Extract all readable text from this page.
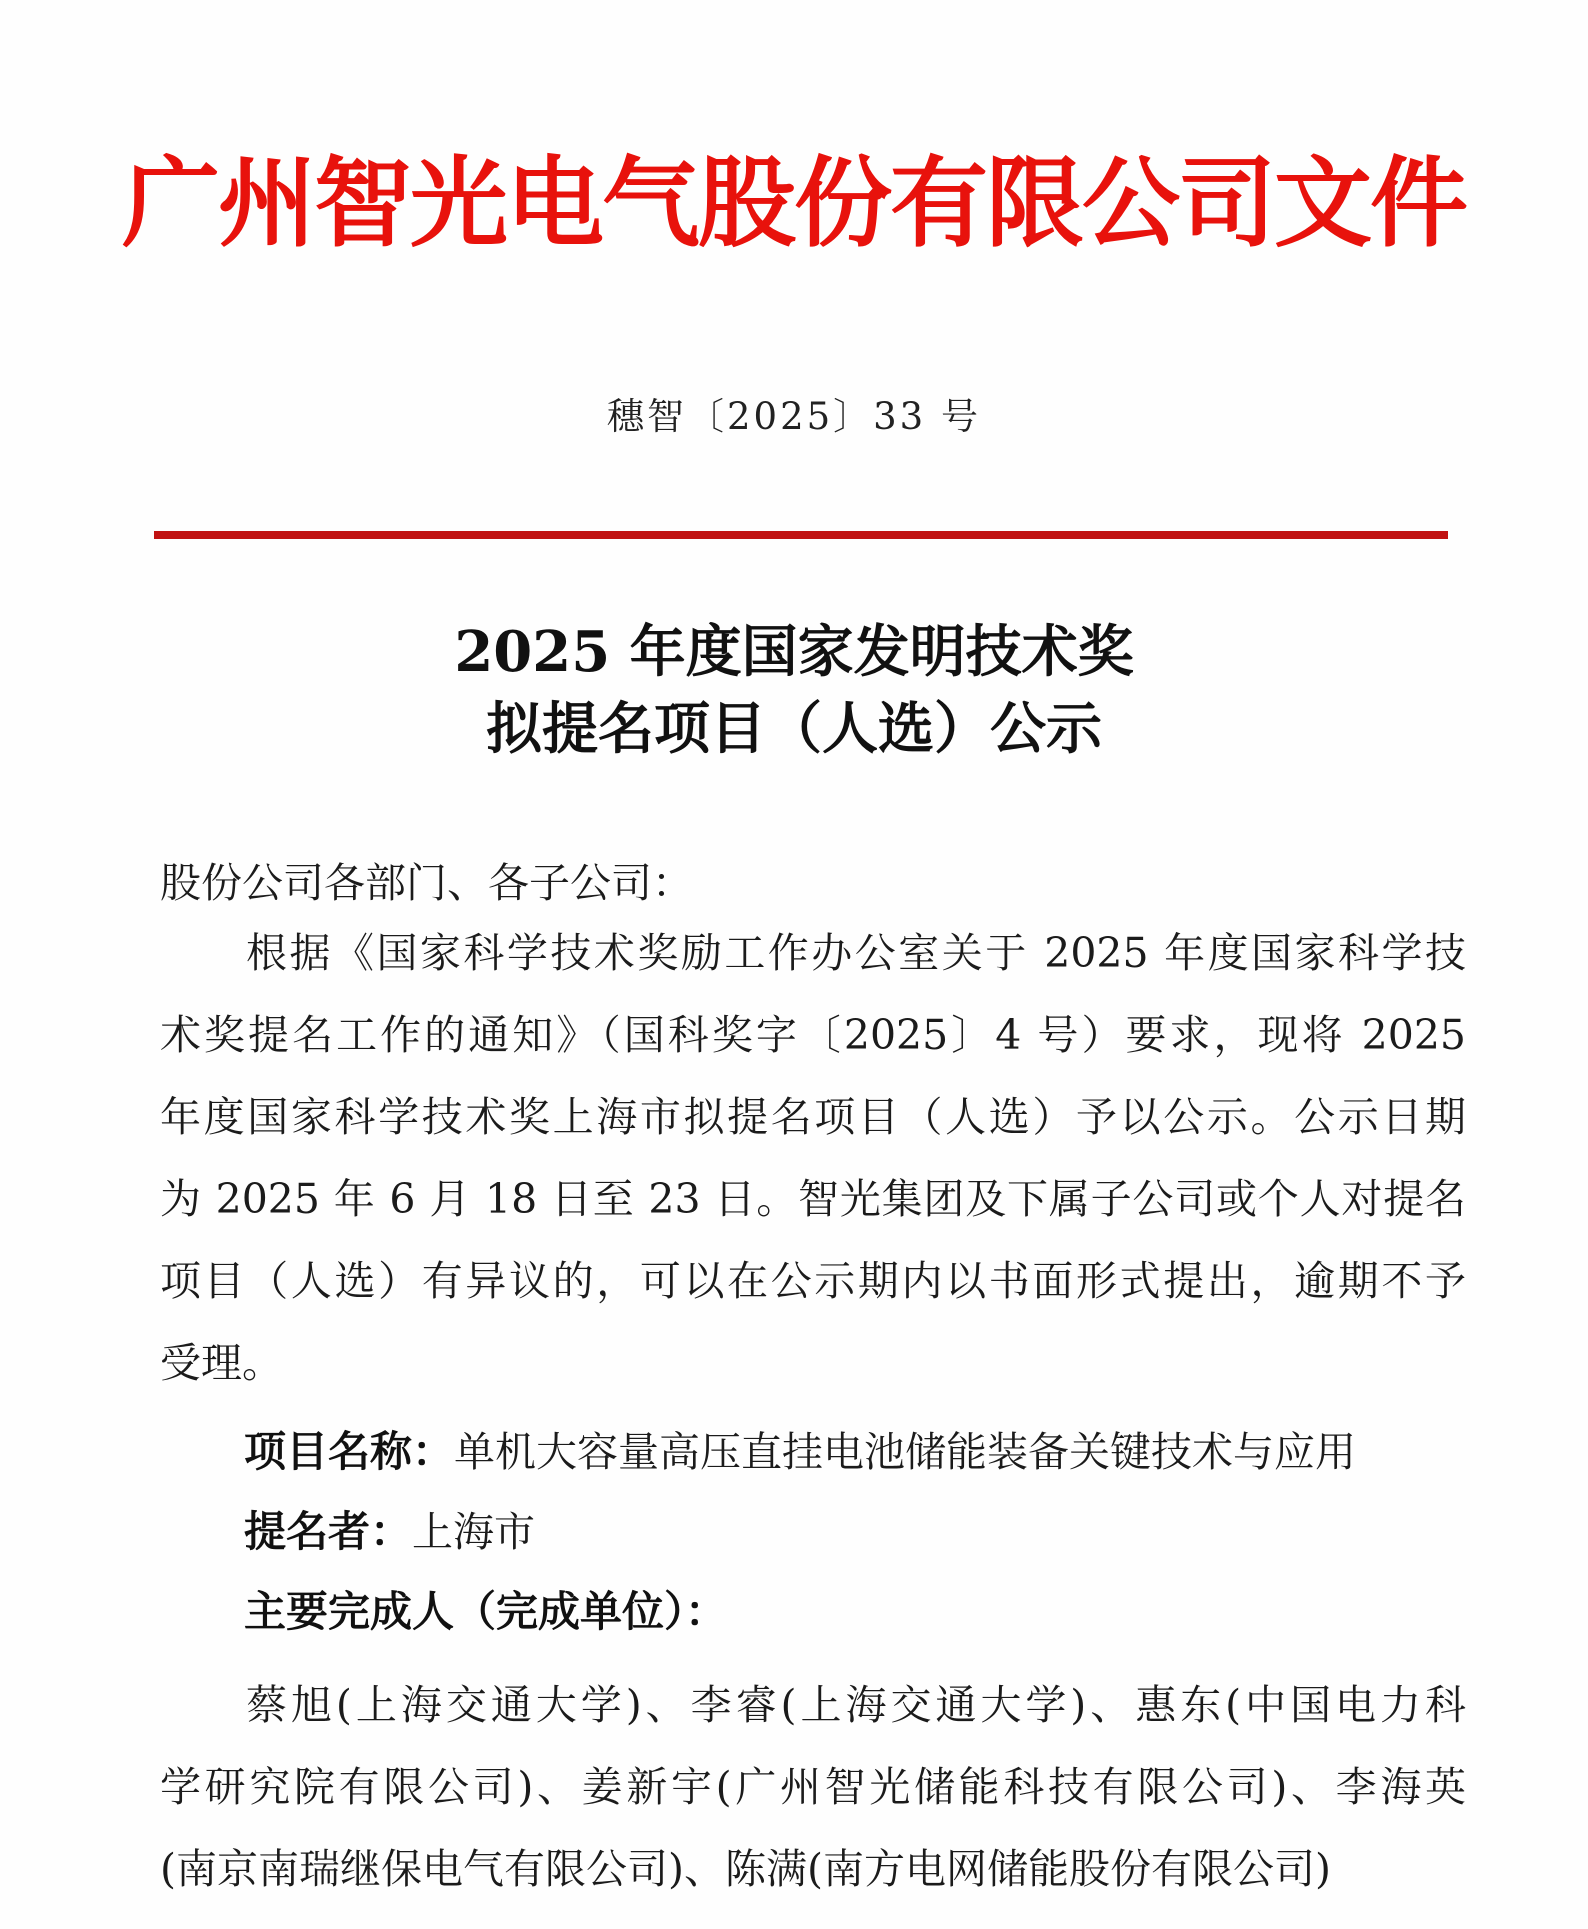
广州智光电气股份有限公司文件
穗智〔2025〕33 号
2025 年度国家发明技术奖
拟提名项目（人选）公示
股份公司各部门、各子公司：
根据《国家科学技术奖励工作办公室关于 2025 年度国家科学技
术奖提名工作的通知》（国科奖字〔2025〕4 号）要求，现将 2025
年度国家科学技术奖上海市拟提名项目（人选）予以公示。公示日期
为 2025 年 6 月 18 日至 23 日。智光集团及下属子公司或个人对提名
项目（人选）有异议的，可以在公示期内以书面形式提出，逾期不予
受理。
项目名称：单机大容量高压直挂电池储能装备关键技术与应用
提名者：上海市
主要完成人（完成单位）：
蔡旭(上海交通大学)、李睿(上海交通大学)、惠东(中国电力科
学研究院有限公司)、姜新宇(广州智光储能科技有限公司)、李海英
(南京南瑞继保电气有限公司)、陈满(南方电网储能股份有限公司)
